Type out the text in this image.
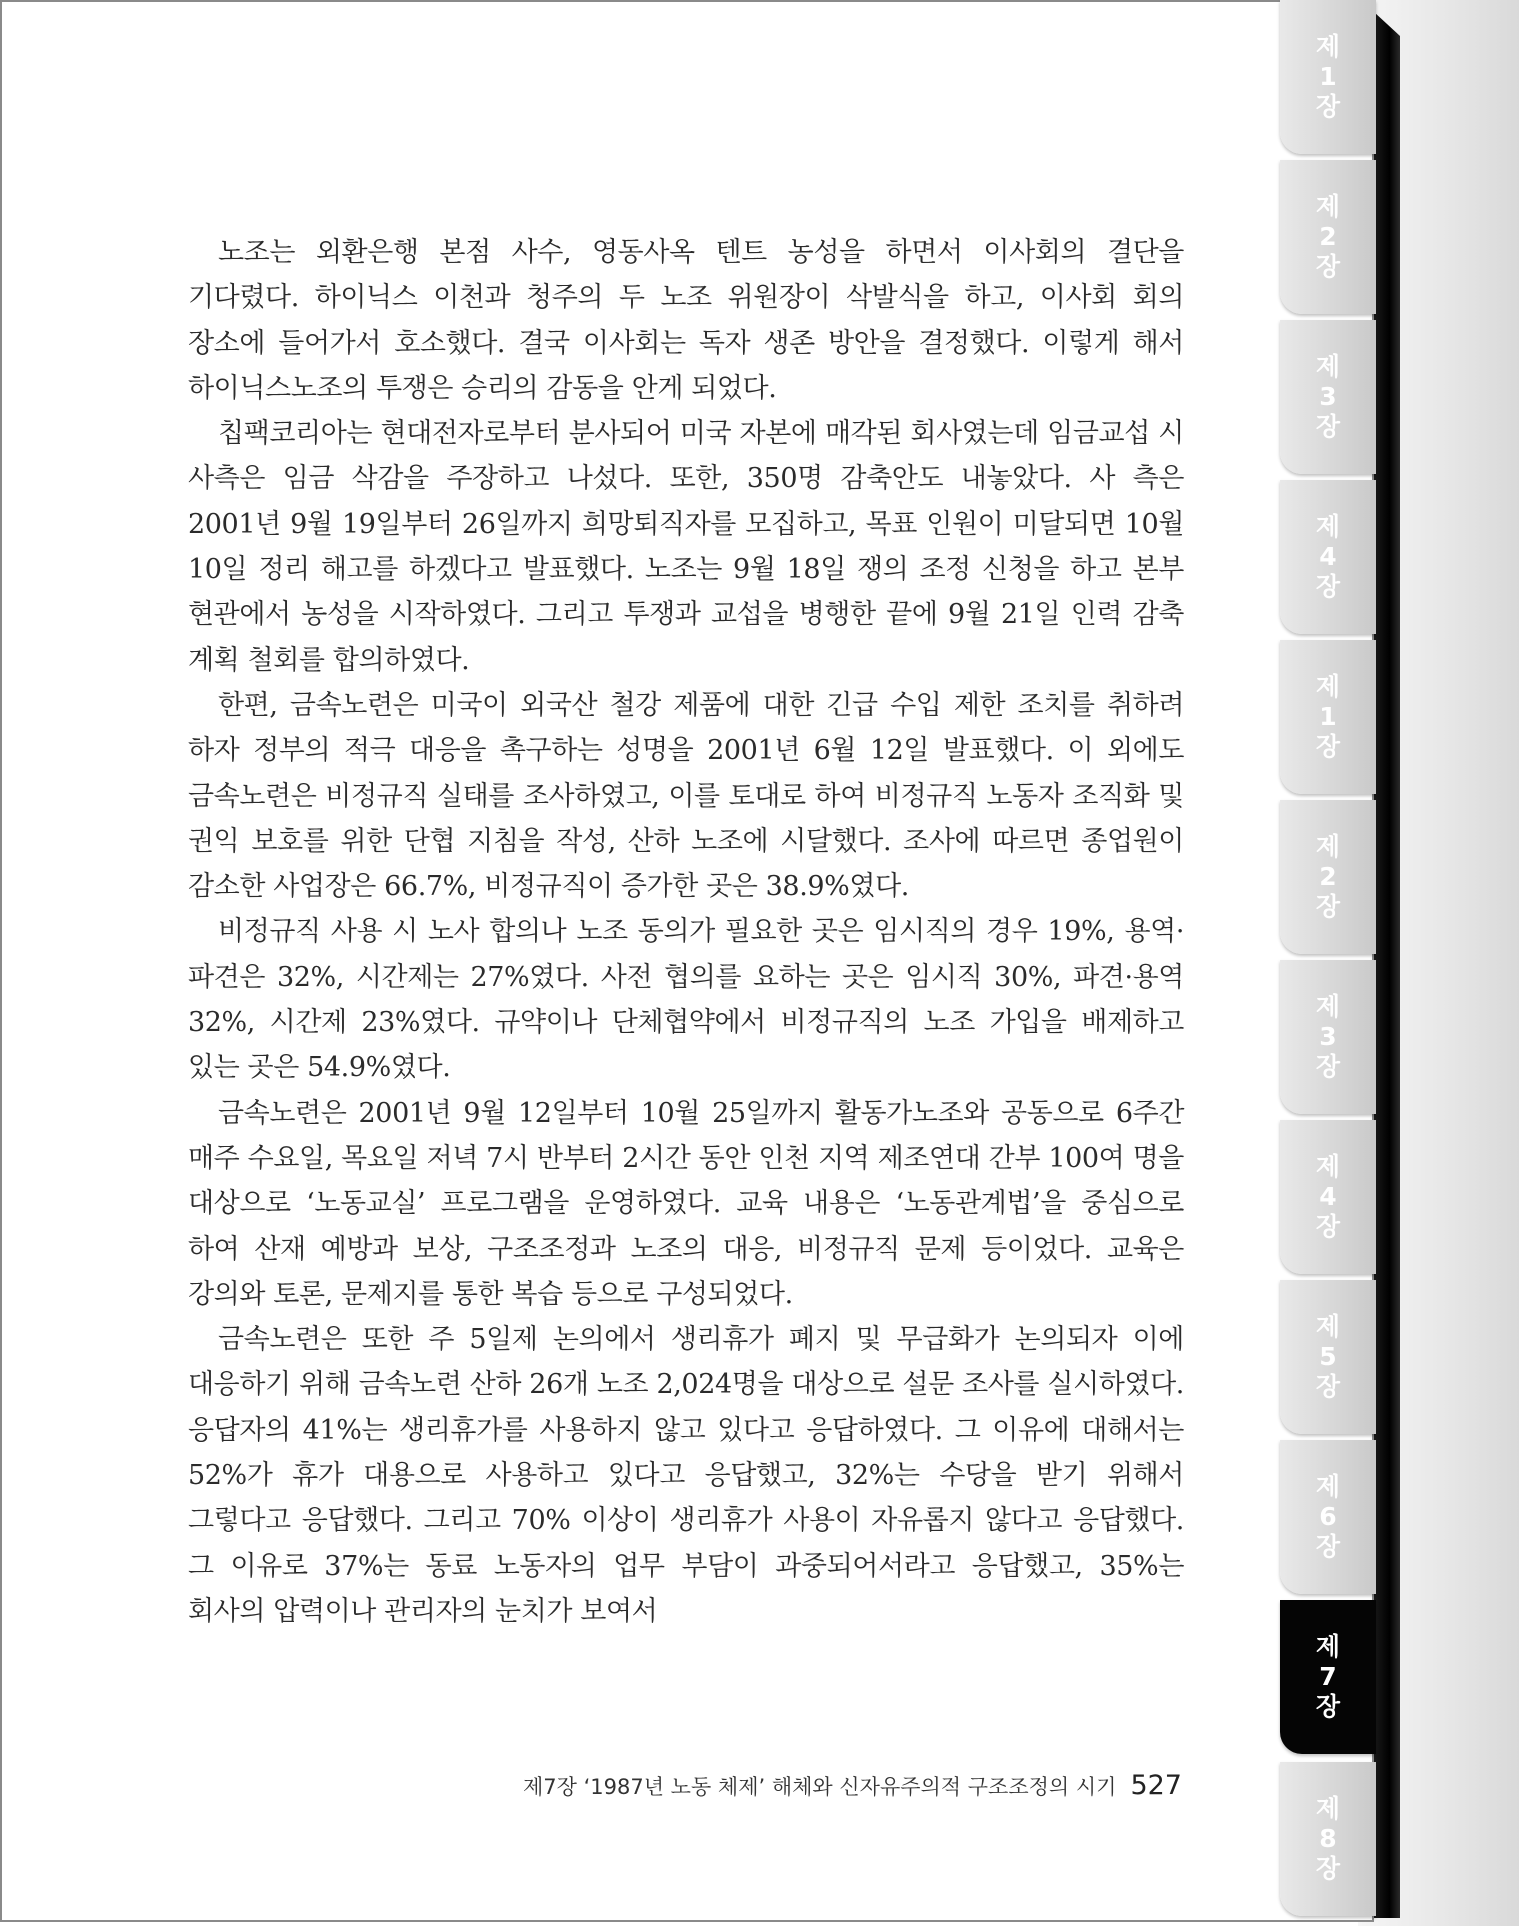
노조는 외환은행 본점 사수, 영동사옥 텐트 농성을 하면서 이사회의 결단을 기다렸다. 하이닉스 이천과 청주의 두 노조 위원장이 삭발식을 하고, 이사회 회의 장소에 들어가서 호소했다. 결국 이사회는 독자 생존 방안을 결정했다. 이렇게 해서 하이닉스노조의 투쟁은 승리의 감동을 안게 되었다.

칩팩코리아는 현대전자로부터 분사되어 미국 자본에 매각된 회사였는데 임금교섭 시 사측은 임금 삭감을 주장하고 나섰다. 또한, 350명 감축안도 내놓았다. 사 측은 2001년 9월 19일부터 26일까지 희망퇴직자를 모집하고, 목표 인원이 미달되면 10월 10일 정리 해고를 하겠다고 발표했다. 노조는 9월 18일 쟁의 조정 신청을 하고 본부 현관에서 농성을 시작하였다. 그리고 투쟁과 교섭을 병행한 끝에 9월 21일 인력 감축 계획 철회를 합의하였다.

한편, 금속노련은 미국이 외국산 철강 제품에 대한 긴급 수입 제한 조치를 취하려 하자 정부의 적극 대응을 촉구하는 성명을 2001년 6월 12일 발표했다. 이 외에도 금속노련은 비정규직 실태를 조사하였고, 이를 토대로 하여 비정규직 노동자 조직화 및 권익 보호를 위한 단협 지침을 작성, 산하 노조에 시달했다. 조사에 따르면 종업원이 감소한 사업장은 66.7%, 비정규직이 증가한 곳은 38.9%였다.

비정규직 사용 시 노사 합의나 노조 동의가 필요한 곳은 임시직의 경우 19%, 용역·파견은 32%, 시간제는 27%였다. 사전 협의를 요하는 곳은 임시직 30%, 파견·용역 32%, 시간제 23%였다. 규약이나 단체협약에서 비정규직의 노조 가입을 배제하고 있는 곳은 54.9%였다.

금속노련은 2001년 9월 12일부터 10월 25일까지 활동가노조와 공동으로 6주간 매주 수요일, 목요일 저녁 7시 반부터 2시간 동안 인천 지역 제조연대 간부 100여 명을 대상으로 ‘노동교실’ 프로그램을 운영하였다. 교육 내용은 ‘노동관계법’을 중심으로 하여 산재 예방과 보상, 구조조정과 노조의 대응, 비정규직 문제 등이었다. 교육은 강의와 토론, 문제지를 통한 복습 등으로 구성되었다.

금속노련은 또한 주 5일제 논의에서 생리휴가 폐지 및 무급화가 논의되자 이에 대응하기 위해 금속노련 산하 26개 노조 2,024명을 대상으로 설문 조사를 실시하였다. 응답자의 41%는 생리휴가를 사용하지 않고 있다고 응답하였다. 그 이유에 대해서는 52%가 휴가 대용으로 사용하고 있다고 응답했고, 32%는 수당을 받기 위해서 그렇다고 응답했다. 그리고 70% 이상이 생리휴가 사용이 자유롭지 않다고 응답했다. 그 이유로 37%는 동료 노동자의 업무 부담이 과중되어서라고 응답했고, 35%는 회사의 압력이나 관리자의 눈치가 보여서

제7장 ‘1987년 노동 체제’ 해체와 신자유주의적 구조조정의 시기 527
제1장
제2장
제3장
제4장
제1장
제2장
제3장
제4장
제5장
제6장
제7장
제8장
